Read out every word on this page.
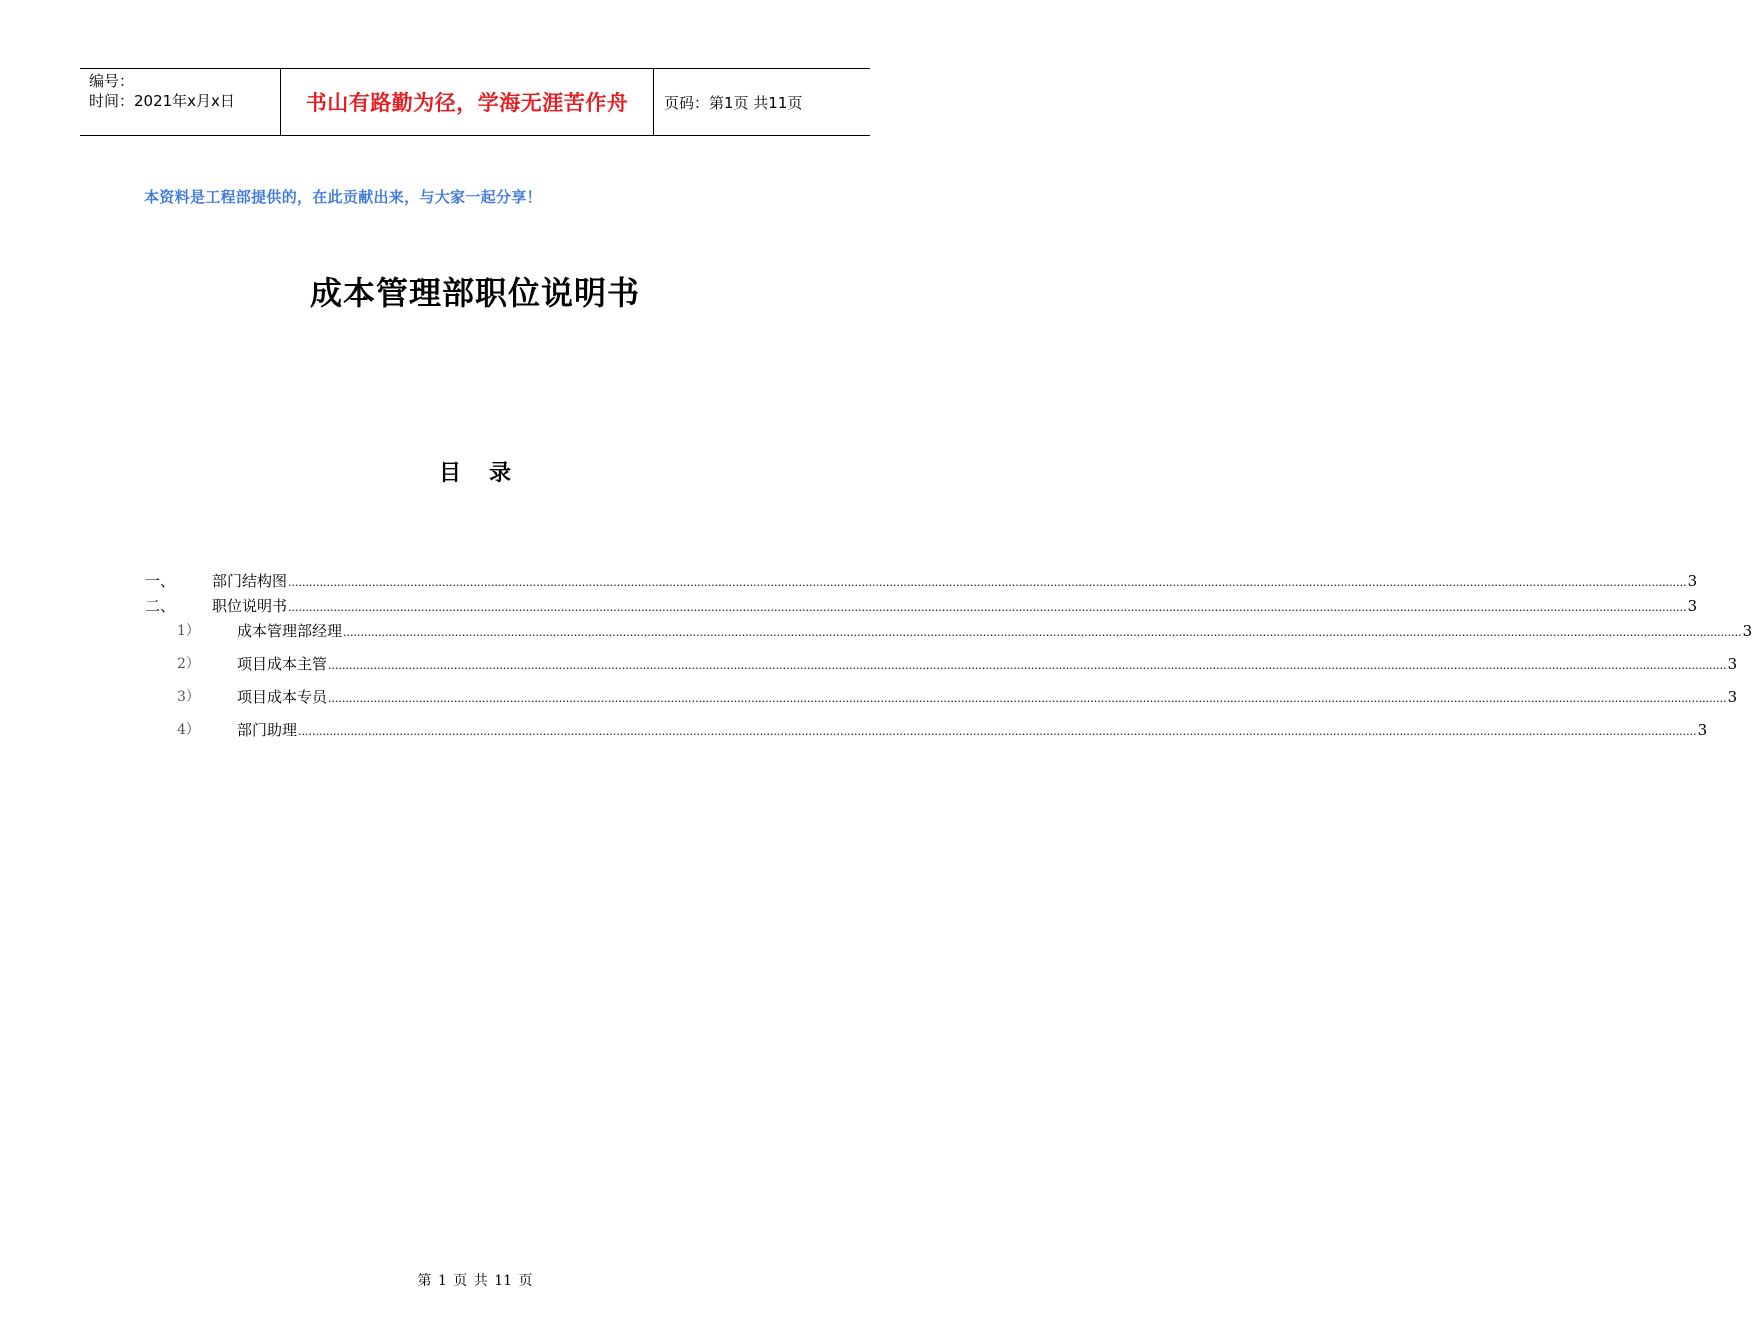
编号：
时间：2021年x月x日	书山有路勤为径，学海无涯苦作舟	页码：第1页 共11页
本资料是工程部提供的，在此贡献出来，与大家一起分享！
成本管理部职位说明书
目 录
一、 部门结构图 ................................................................................................................................................................................................................................................................................................................................................................................................................ 3
二、 职位说明书 ................................................................................................................................................................................................................................................................................................................................................................................................................ 3
1） 成本管理部经理 ................................................................................................................................................................................................................................................................................................................................................................................................................ 3
2） 项目成本主管 ................................................................................................................................................................................................................................................................................................................................................................................................................ 3
3） 项目成本专员 ................................................................................................................................................................................................................................................................................................................................................................................................................ 3
4） 部门助理 ................................................................................................................................................................................................................................................................................................................................................................................................................ 3
第 1 页 共 11 页
